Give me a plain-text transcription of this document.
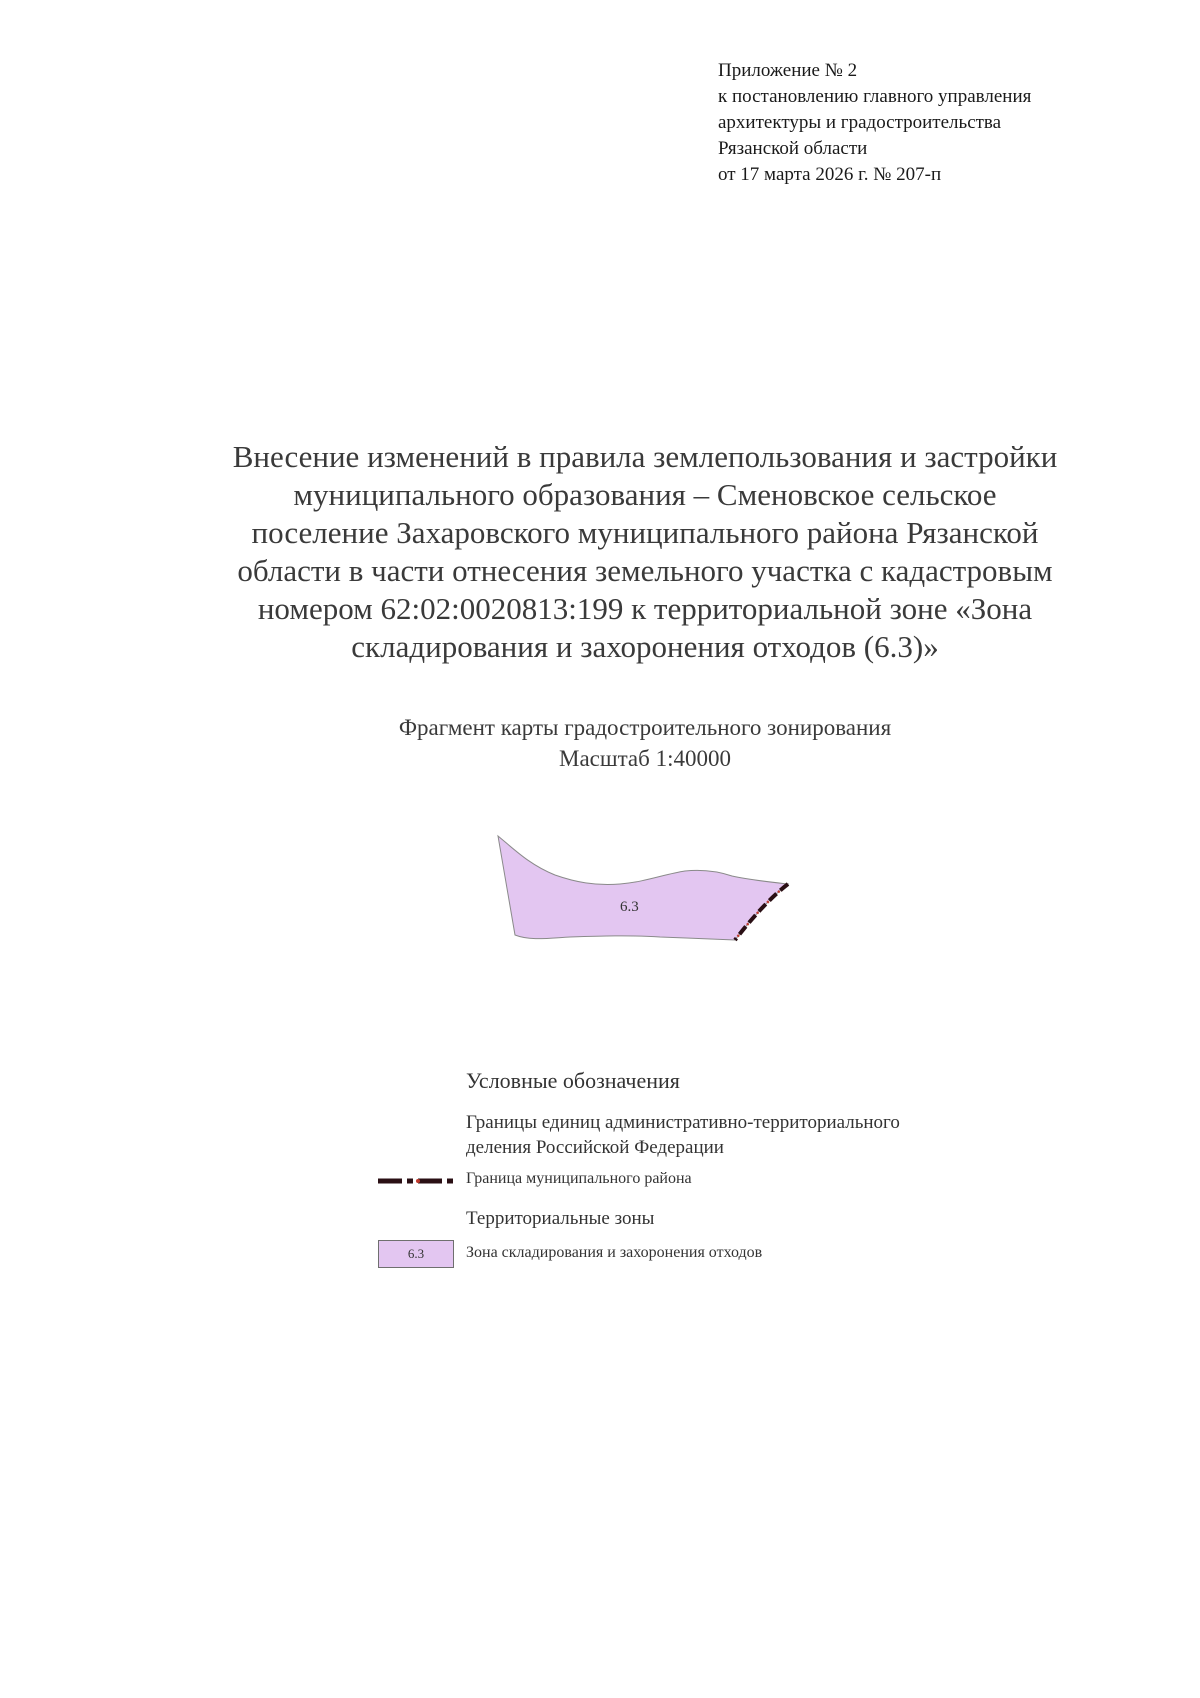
Приложение № 2
к постановлению главного управления
архитектуры и градостроительства
Рязанской области
от 17 марта 2026 г. № 207-п
Внесение изменений в правила землепользования и застройки
муниципального образования – Сменовское сельское
поселение Захаровского муниципального района Рязанской
области в части отнесения земельного участка с кадастровым
номером 62:02:0020813:199 к территориальной зоне «Зона
складирования и захоронения отходов (6.3)»
Фрагмент карты градостроительного зонирования
Масштаб 1:40000
6.3
Условные обозначения
Границы единиц административно-территориального
деления Российской Федерации
Граница муниципального района
Территориальные зоны
6.3	Зона складирования и захоронения отходов
